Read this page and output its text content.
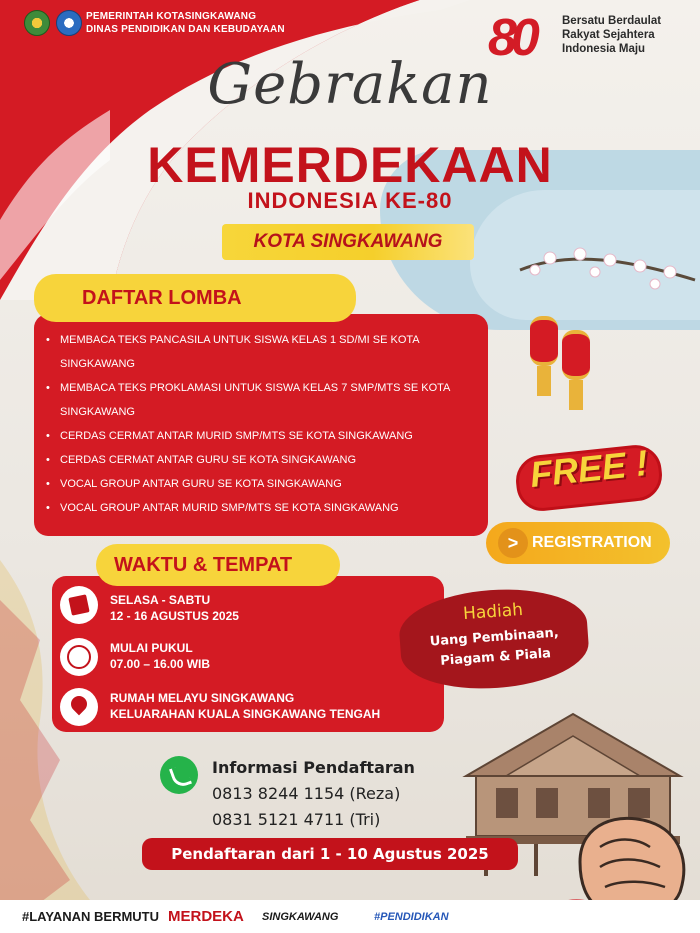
PEMERINTAH KOTASINGKAWANG
DINAS PENDIDIKAN DAN KEBUDAYAAN	80	Bersatu Berdaulat
Rakyat Sejahtera
Indonesia Maju
Gebrakan
KEMERDEKAAN
INDONESIA KE-80
KOTA SINGKAWANG
DAFTAR LOMBA
• MEMBACA TEKS PANCASILA UNTUK SISWA KELAS 1 SD/MI SE KOTA SINGKAWANG
• MEMBACA TEKS PROKLAMASI UNTUK SISWA KELAS 7 SMP/MTS SE KOTA SINGKAWANG
• CERDAS CERMAT ANTAR MURID SMP/MTS SE KOTA SINGKAWANG
• CERDAS CERMAT ANTAR GURU SE KOTA SINGKAWANG
• VOCAL GROUP ANTAR GURU SE KOTA SINGKAWANG
• VOCAL GROUP ANTAR MURID SMP/MTS SE KOTA SINGKAWANG
FREE !
> REGISTRATION
WAKTU & TEMPAT
SELASA - SABTU
12 - 16 AGUSTUS 2025
MULAI PUKUL
07.00 – 16.00 WIB
RUMAH MELAYU SINGKAWANG
KELUARAHAN KUALA SINGKAWANG TENGAH
Hadiah
Uang Pembinaan,
Piagam & Piala
Informasi Pendaftaran
0813 8244 1154 (Reza)
0831 5121 4711 (Tri)
Pendaftaran dari 1 - 10 Agustus 2025
#LAYANAN BERMUTU MERDEKA SINGKAWANG	#PENDIDIKAN
